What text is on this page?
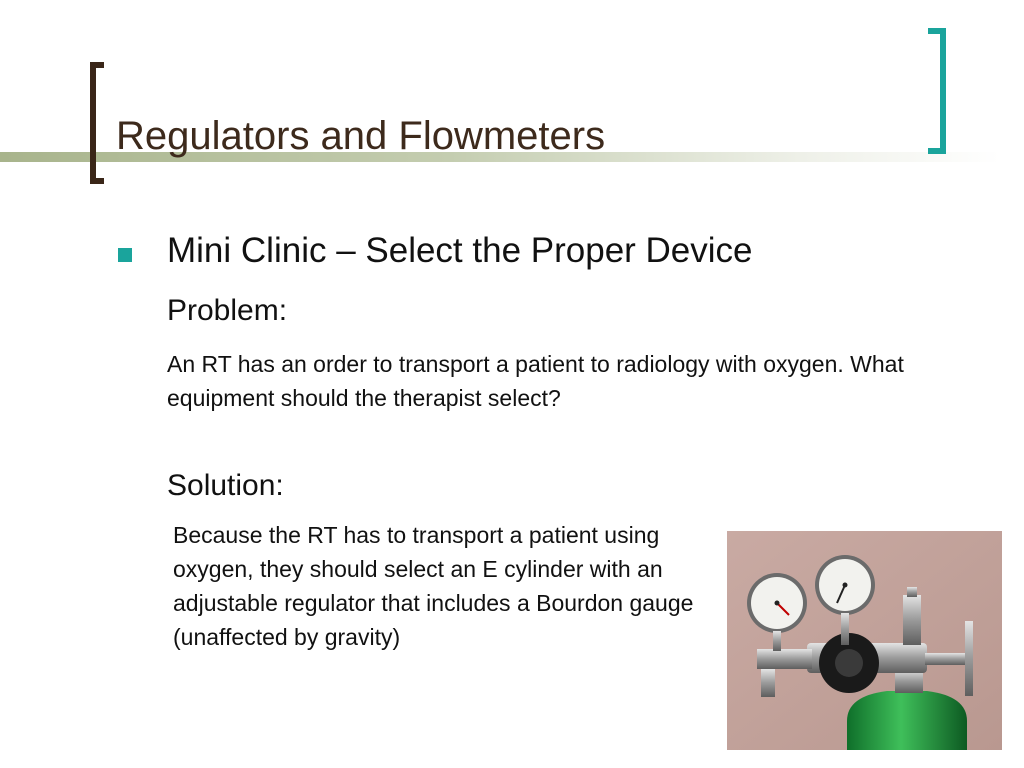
Regulators and Flowmeters
Mini Clinic – Select the Proper Device
Problem:
An RT has an order to transport a patient to radiology with oxygen. What equipment should the therapist select?
Solution:
Because the RT has to transport a patient using oxygen, they should select an E cylinder with an adjustable regulator that includes a Bourdon gauge (unaffected by gravity)
